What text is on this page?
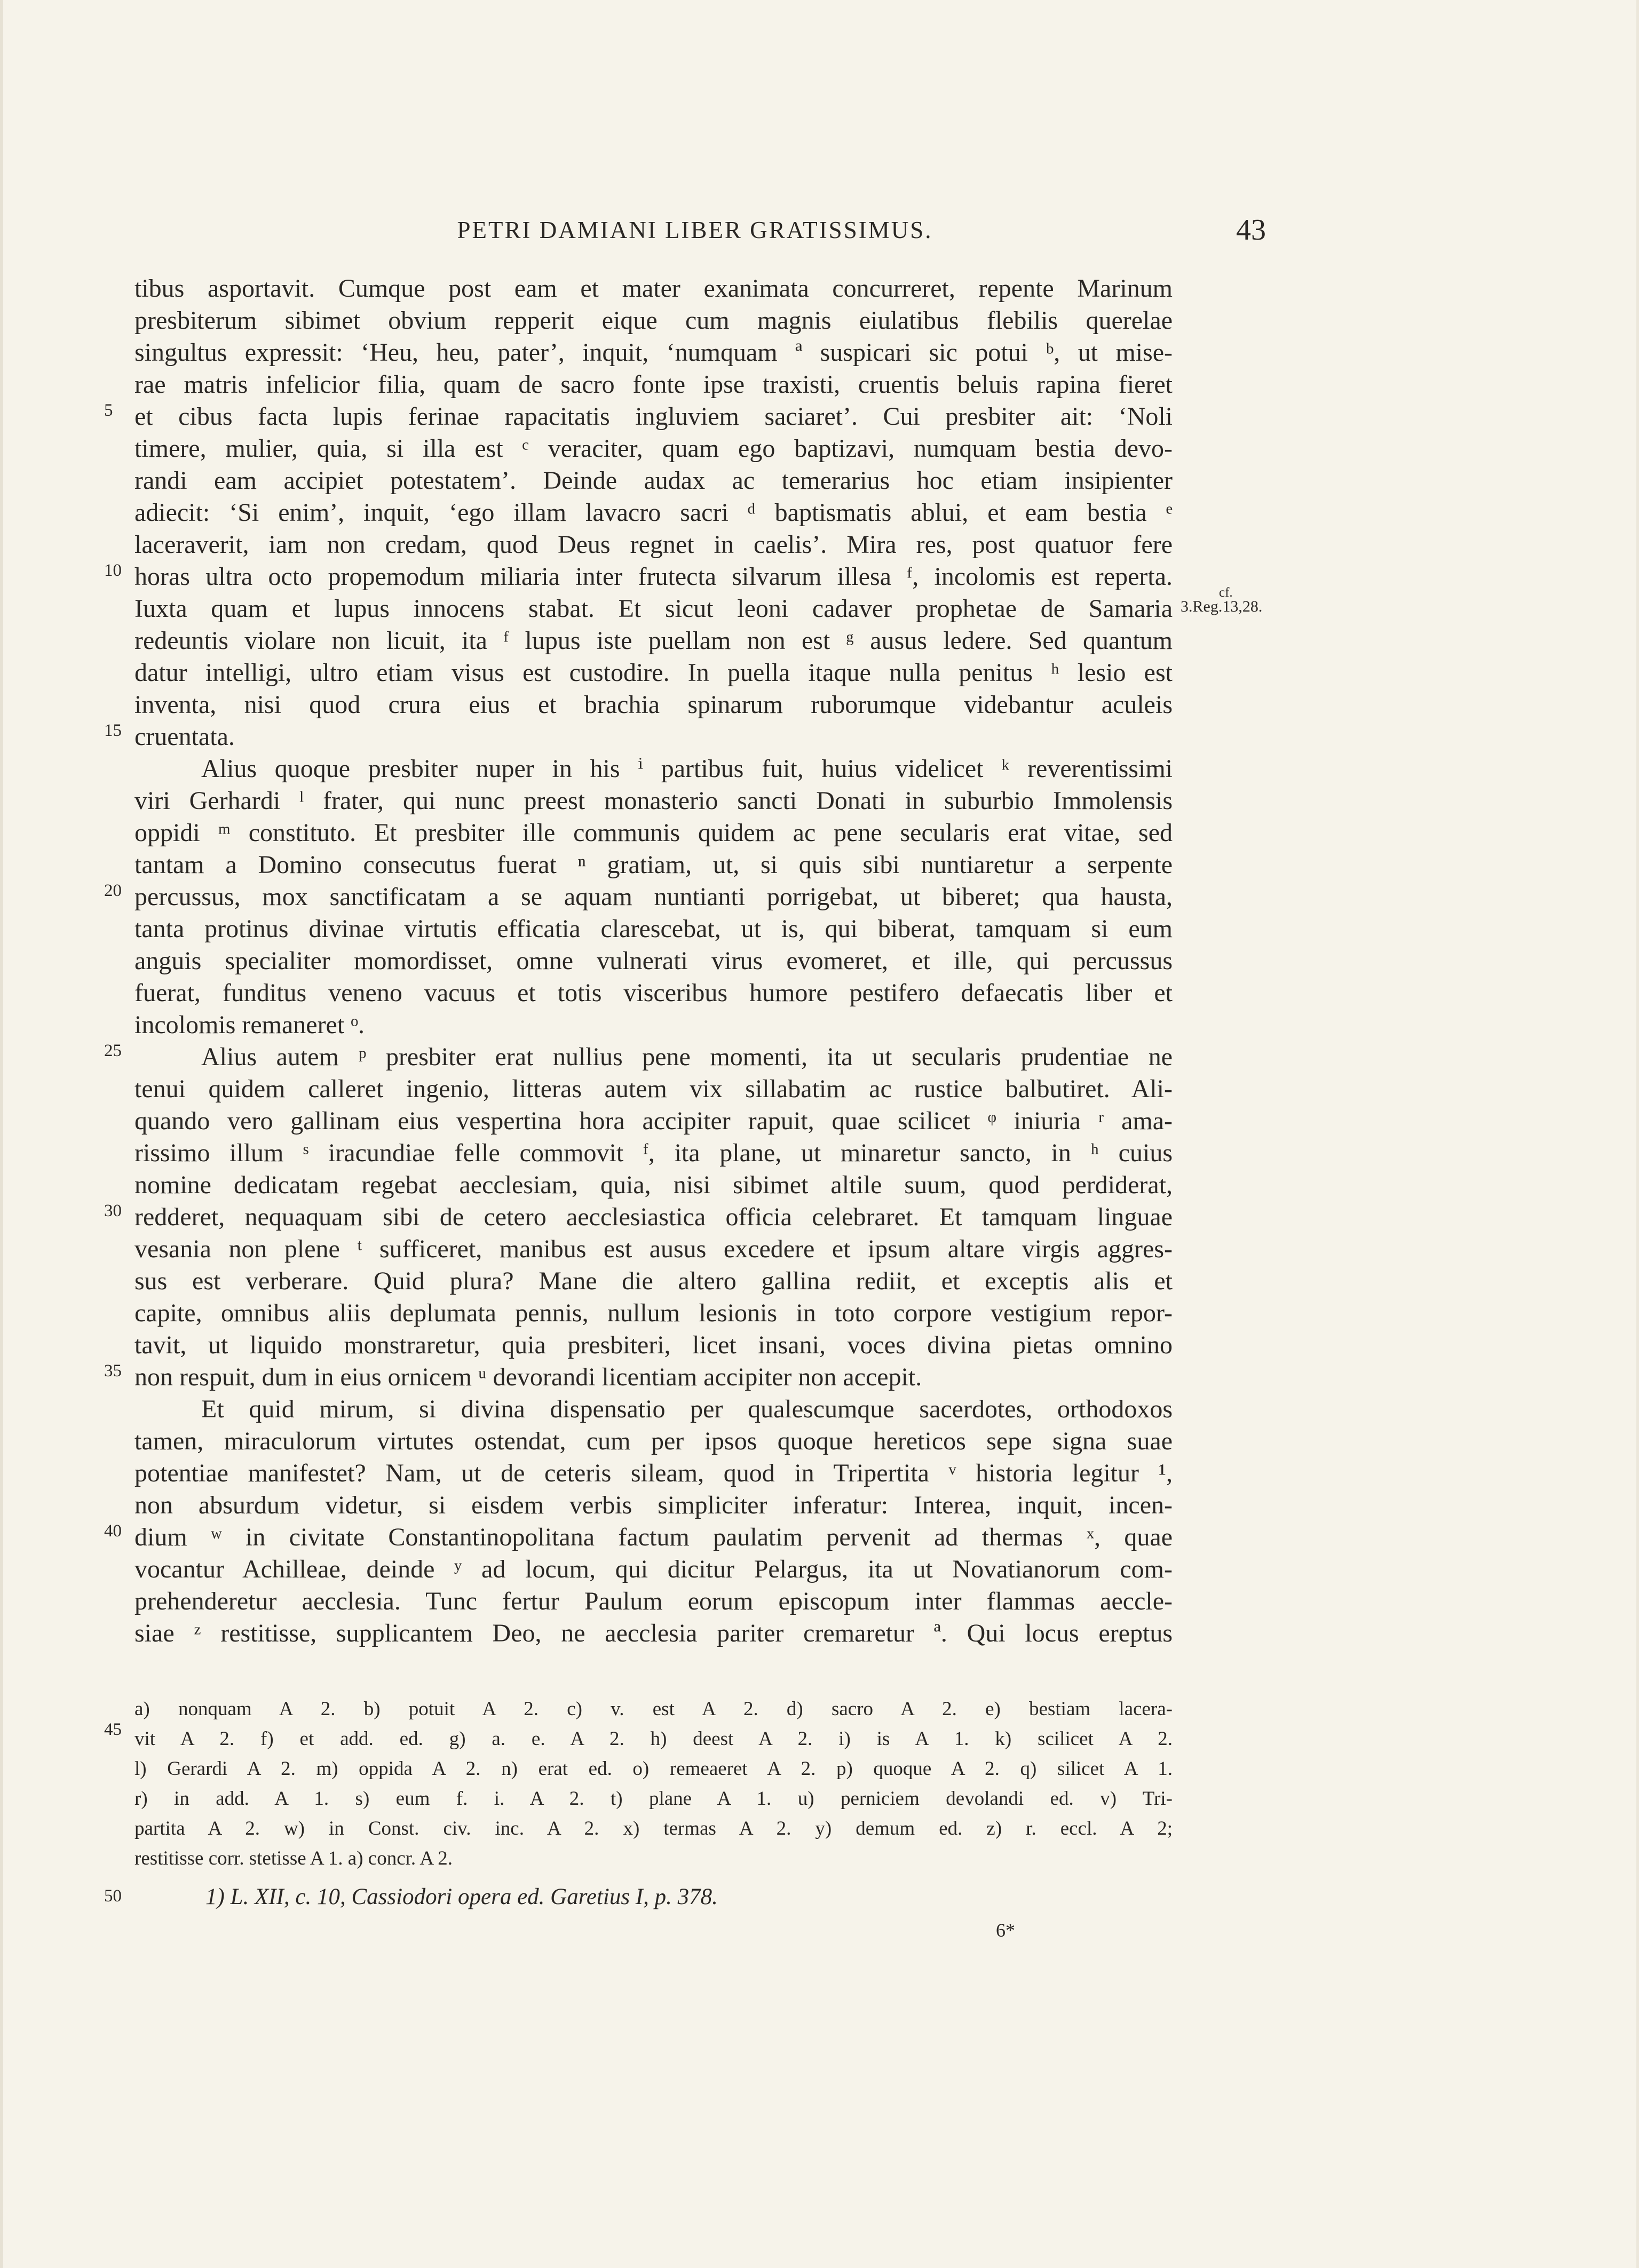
PETRI DAMIANI LIBER GRATISSIMUS.	43
tibus asportavit. Cumque post eam et mater exanimata concurreret, repente Marinum
presbiterum sibimet obvium repperit eique cum magnis eiulatibus flebilis querelae
singultus expressit: ‘Heu, heu, pater’, inquit, ‘numquam ª suspicari sic potui ᵇ, ut mise-
rae matris infelicior filia, quam de sacro fonte ipse traxisti, cruentis beluis rapina fieret
et cibus facta lupis ferinae rapacitatis ingluviem saciaret’. Cui presbiter ait: ‘Noli
timere, mulier, quia, si illa est ᶜ veraciter, quam ego baptizavi, numquam bestia devo-
randi eam accipiet potestatem’. Deinde audax ac temerarius hoc etiam insipienter
adiecit: ‘Si enim’, inquit, ‘ego illam lavacro sacri ᵈ baptismatis ablui, et eam bestia ᵉ
laceraverit, iam non credam, quod Deus regnet in caelis’. Mira res, post quatuor fere
horas ultra octo propemodum miliaria inter frutecta silvarum illesa ᶠ, incolomis est reperta.
Iuxta quam et lupus innocens stabat. Et sicut leoni cadaver prophetae de Samaria
redeuntis violare non licuit, ita ᶠ lupus iste puellam non est ᵍ ausus ledere. Sed quantum
datur intelligi, ultro etiam visus est custodire. In puella itaque nulla penitus ʰ lesio est
inventa, nisi quod crura eius et brachia spinarum ruborumque videbantur aculeis
cruentata.
Alius quoque presbiter nuper in his ⁱ partibus fuit, huius videlicet ᵏ reverentissimi
viri Gerhardi ˡ frater, qui nunc preest monasterio sancti Donati in suburbio Immolensis
oppidi ᵐ constituto. Et presbiter ille communis quidem ac pene secularis erat vitae, sed
tantam a Domino consecutus fuerat ⁿ gratiam, ut, si quis sibi nuntiaretur a serpente
percussus, mox sanctificatam a se aquam nuntianti porrigebat, ut biberet; qua hausta,
tanta protinus divinae virtutis efficatia clarescebat, ut is, qui biberat, tamquam si eum
anguis specialiter momordisset, omne vulnerati virus evomeret, et ille, qui percussus
fuerat, funditus veneno vacuus et totis visceribus humore pestifero defaecatis liber et
incolomis remaneret ᵒ.
Alius autem ᵖ presbiter erat nullius pene momenti, ita ut secularis prudentiae ne
tenui quidem calleret ingenio, litteras autem vix sillabatim ac rustice balbutiret. Ali-
quando vero gallinam eius vespertina hora accipiter rapuit, quae scilicet ᵠ iniuria ʳ ama-
rissimo illum ˢ iracundiae felle commovit ᶠ, ita plane, ut minaretur sancto, in ʰ cuius
nomine dedicatam regebat aecclesiam, quia, nisi sibimet altile suum, quod perdiderat,
redderet, nequaquam sibi de cetero aecclesiastica officia celebraret. Et tamquam linguae
vesania non plene ᵗ sufficeret, manibus est ausus excedere et ipsum altare virgis aggres-
sus est verberare. Quid plura? Mane die altero gallina rediit, et exceptis alis et
capite, omnibus aliis deplumata pennis, nullum lesionis in toto corpore vestigium repor-
tavit, ut liquido monstraretur, quia presbiteri, licet insani, voces divina pietas omnino
non respuit, dum in eius ornicem ᵘ devorandi licentiam accipiter non accepit.
Et quid mirum, si divina dispensatio per qualescumque sacerdotes, orthodoxos
tamen, miraculorum virtutes ostendat, cum per ipsos quoque hereticos sepe signa suae
potentiae manifestet? Nam, ut de ceteris sileam, quod in Tripertita ᵛ historia legitur ¹,
non absurdum videtur, si eisdem verbis simpliciter inferatur: Interea, inquit, incen-
dium ʷ in civitate Constantinopolitana factum paulatim pervenit ad thermas ˣ, quae
vocantur Achilleae, deinde ʸ ad locum, qui dicitur Pelargus, ita ut Novatianorum com-
prehenderetur aecclesia. Tunc fertur Paulum eorum episcopum inter flammas aeccle-
siae ᶻ restitisse, supplicantem Deo, ne aecclesia pariter cremaretur ª. Qui locus ereptus
5
10
15
20
25
30
35
40
45
50
cf.
3.Reg.13,28.
a) nonquam A 2. b) potuit A 2. c) v. est A 2. d) sacro A 2. e) bestiam lacera-
vit A 2. f) et add. ed. g) a. e. A 2. h) deest A 2. i) is A 1. k) scilicet A 2.
l) Gerardi A 2. m) oppida A 2. n) erat ed. o) remeaeret A 2. p) quoque A 2. q) silicet A 1.
r) in add. A 1. s) eum f. i. A 2. t) plane A 1. u) perniciem devolandi ed. v) Tri-
partita A 2. w) in Const. civ. inc. A 2. x) termas A 2. y) demum ed. z) r. eccl. A 2;
restitisse corr. stetisse A 1. a) concr. A 2.
1) L. XII, c. 10, Cassiodori opera ed. Garetius I, p. 378.
6*
